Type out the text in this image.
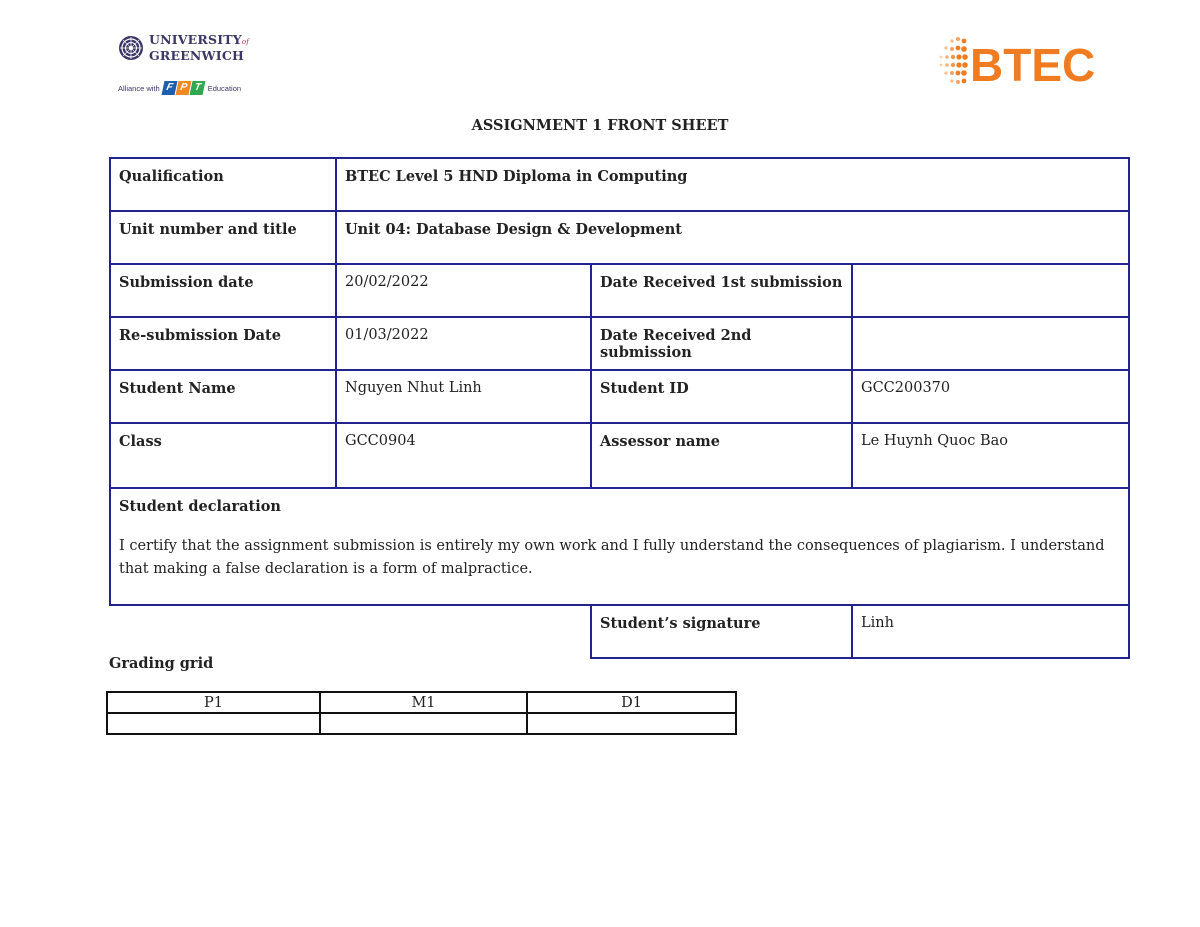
UNIVERSITYof
GREENWICH
Alliance with F P T Education	BTEC
ASSIGNMENT 1 FRONT SHEET
Qualification	BTEC Level 5 HND Diploma in Computing		
Unit number and title	Unit 04: Database Design & Development		
Submission date	20/02/2022	Date Received 1st submission	
Re-submission Date	01/03/2022	Date Received 2nd submission	
Student Name	Nguyen Nhut Linh	Student ID	GCC200370
Class	GCC0904	Assessor name	Le Huynh Quoc Bao

Student declaration
I certify that the assignment submission is entirely my own work and I fully understand the consequences of plagiarism. I understand that making a false declaration is a form of malpractice.			

		Student’s signature	Linh
Grading grid
P1	M1	D1
